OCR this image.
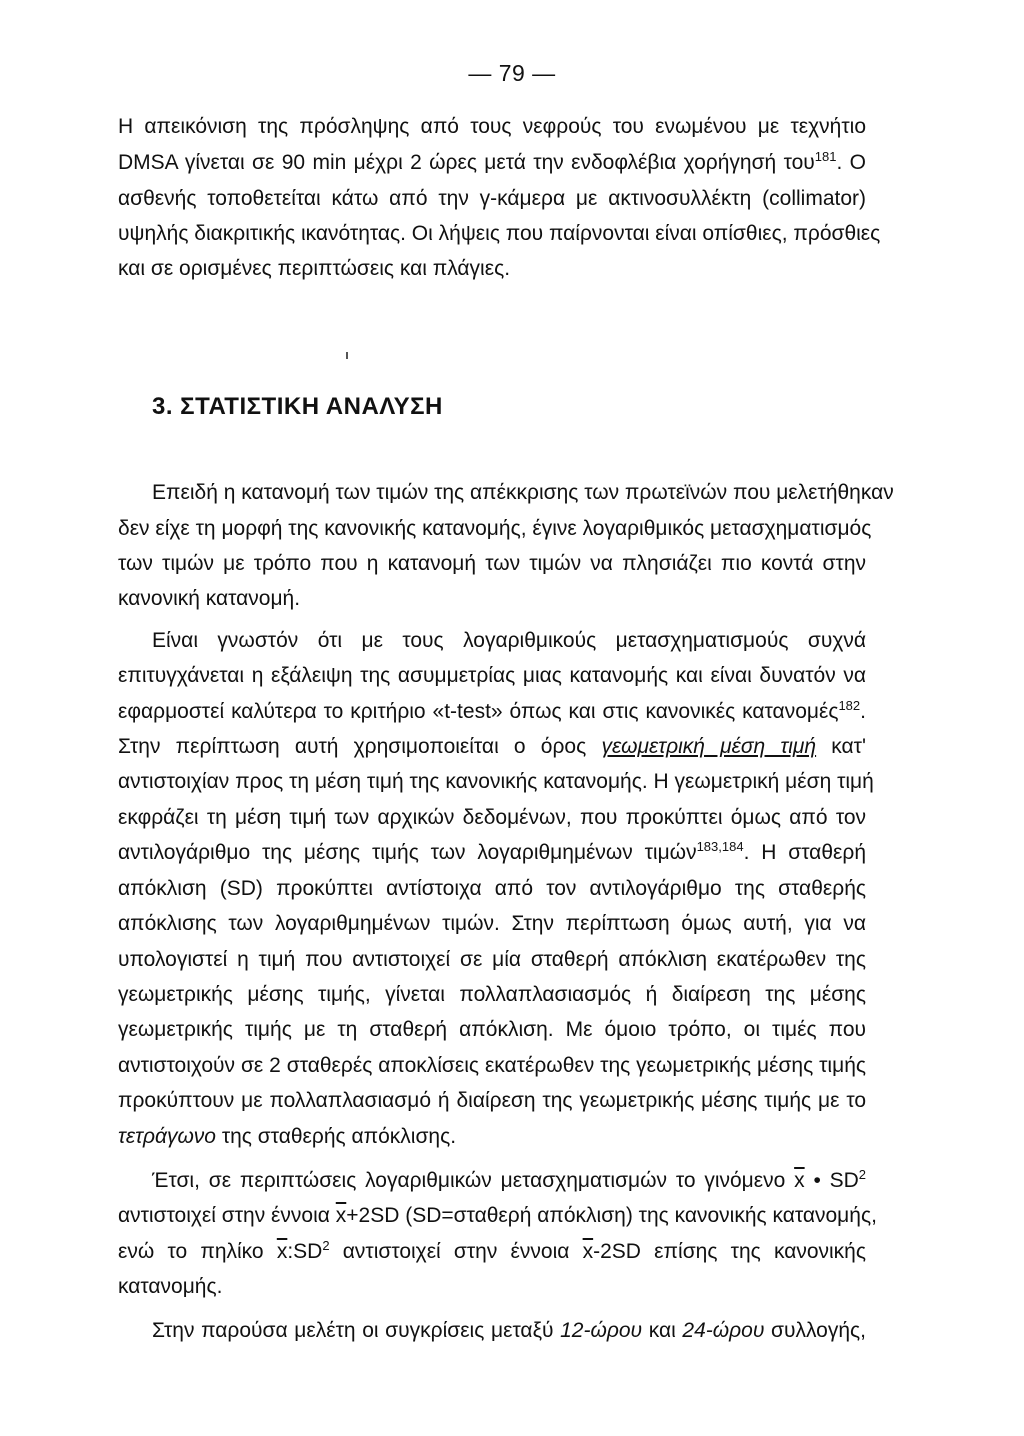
— 79 —
Η απεικόνιση της πρόσληψης από τους νεφρούς του ενωμένου με τεχνήτιο
DMSA γίνεται σε 90 min μέχρι 2 ώρες μετά την ενδοφλέβια χορήγησή του$^{181}$. Ο
ασθενής τοποθετείται κάτω από την γ-κάμερα με ακτινοσυλλέκτη (collimator)
υψηλής διακριτικής ικανότητας. Οι λήψεις που παίρνονται είναι οπίσθιες, πρόσθιες
και σε ορισμένες περιπτώσεις και πλάγιες.
3. ΣΤΑΤΙΣΤΙΚΗ ΑΝΑΛΥΣΗ
Επειδή η κατανομή των τιμών της απέκκρισης των πρωτεϊνών που μελετήθηκαν
δεν είχε τη μορφή της κανονικής κατανομής, έγινε λογαριθμικός μετασχηματισμός
των τιμών με τρόπο που η κατανομή των τιμών να πλησιάζει πιο κοντά στην
κανονική κατανομή.
Είναι γνωστόν ότι με τους λογαριθμικούς μετασχηματισμούς συχνά
επιτυγχάνεται η εξάλειψη της ασυμμετρίας μιας κατανομής και είναι δυνατόν να
εφαρμοστεί καλύτερα το κριτήριο «t-test» όπως και στις κανονικές κατανομές$^{182}$.
Στην περίπτωση αυτή χρησιμοποιείται ο όρος γεωμετρική μέση τιμή κατ'
αντιστοιχίαν προς τη μέση τιμή της κανονικής κατανομής. Η γεωμετρική μέση τιμή
εκφράζει τη μέση τιμή των αρχικών δεδομένων, που προκύπτει όμως από τον
αντιλογάριθμο της μέσης τιμής των λογαριθμημένων τιμών$^{183,184}$. Η σταθερή
απόκλιση (SD) προκύπτει αντίστοιχα από τον αντιλογάριθμο της σταθερής
απόκλισης των λογαριθμημένων τιμών. Στην περίπτωση όμως αυτή, για να
υπολογιστεί η τιμή που αντιστοιχεί σε μία σταθερή απόκλιση εκατέρωθεν της
γεωμετρικής μέσης τιμής, γίνεται πολλαπλασιασμός ή διαίρεση της μέσης
γεωμετρικής τιμής με τη σταθερή απόκλιση. Με όμοιο τρόπο, οι τιμές που
αντιστοιχούν σε 2 σταθερές αποκλίσεις εκατέρωθεν της γεωμετρικής μέσης τιμής
προκύπτουν με πολλαπλασιασμό ή διαίρεση της γεωμετρικής μέσης τιμής με το
τετράγωνο της σταθερής απόκλισης.
Έτσι, σε περιπτώσεις λογαριθμικών μετασχηματισμών το γινόμενο $\overline{x}$ • $SD^2$
αντιστοιχεί στην έννοια $\overline{x}+2SD$ (SD=σταθερή απόκλιση) της κανονικής κατανομής,
ενώ το πηλίκο $\overline{x}:SD^2$ αντιστοιχεί στην έννοια $\overline{x}-2SD$ επίσης της κανονικής
κατανομής.
Στην παρούσα μελέτη οι συγκρίσεις μεταξύ 12-ώρου και 24-ώρου συλλογής,
